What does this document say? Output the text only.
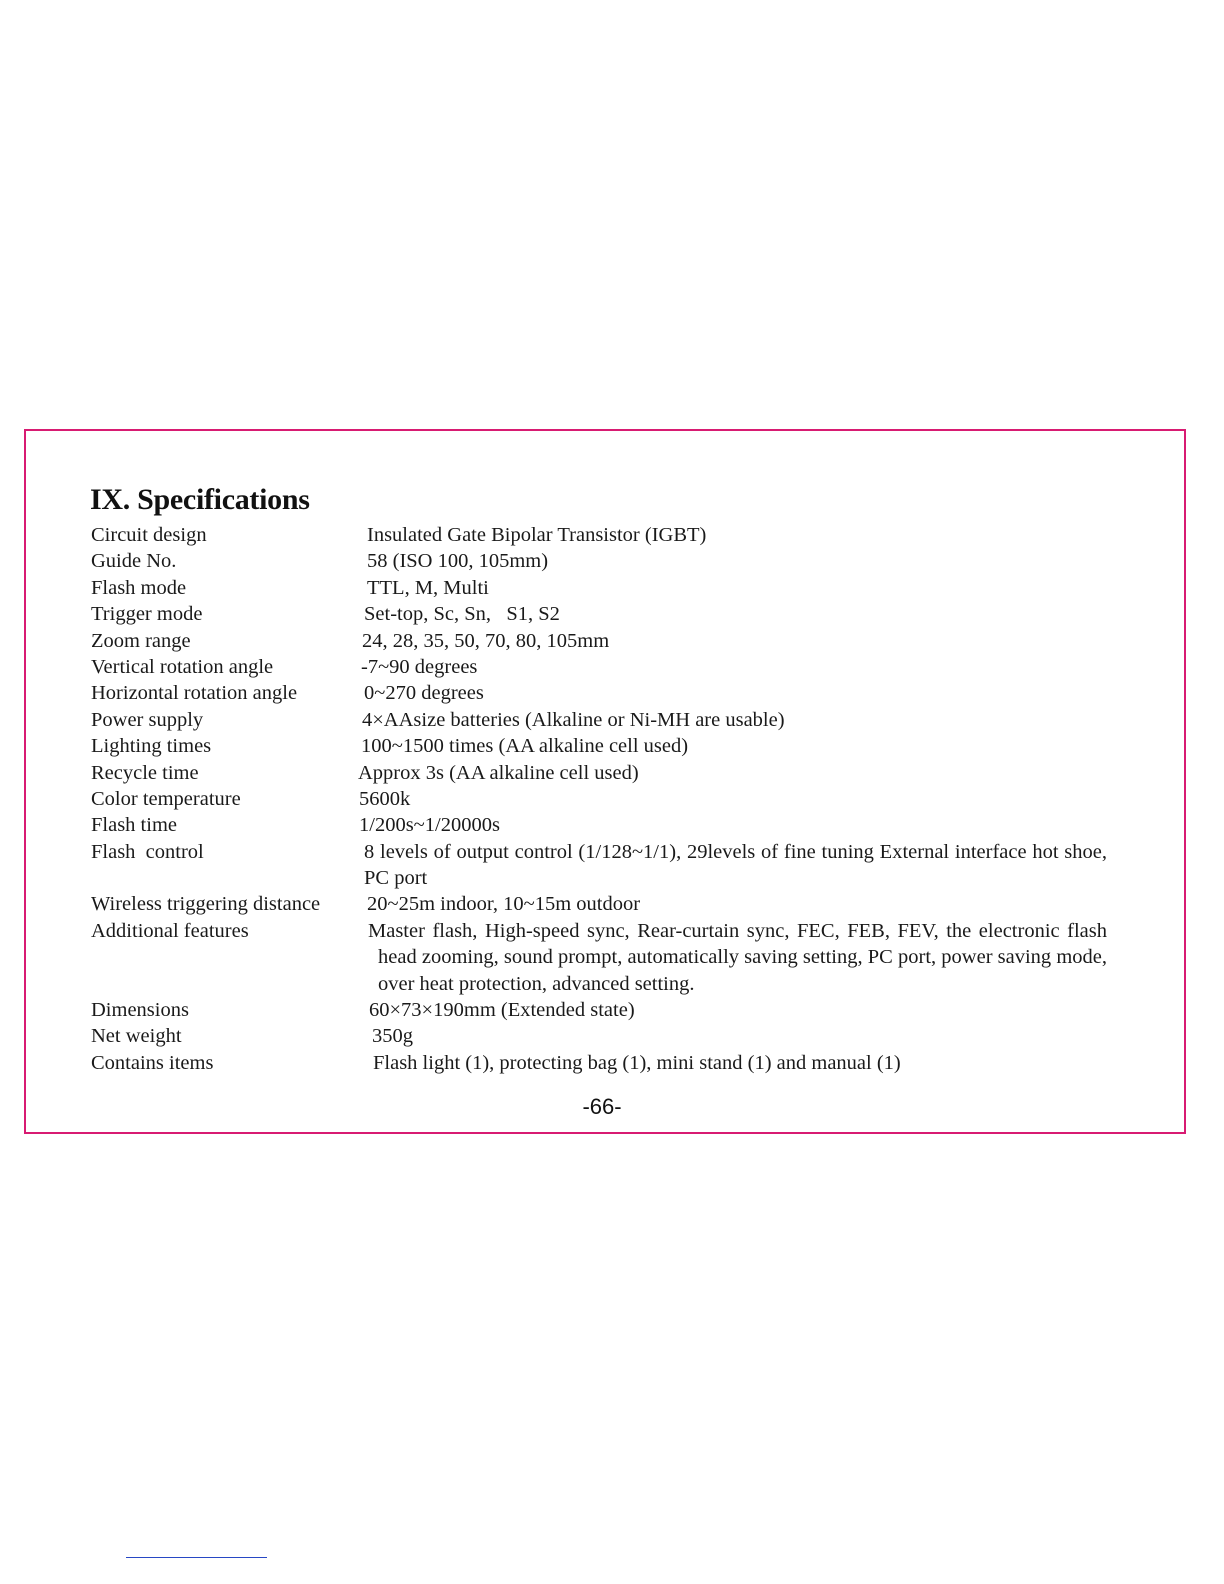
IX. Specifications
Circuit design	Insulated Gate Bipolar Transistor (IGBT)
Guide No.	58 (ISO 100, 105mm)
Flash mode	TTL, M, Multi
Trigger mode	Set-top, Sc, Sn,   S1, S2
Zoom range	24, 28, 35, 50, 70, 80, 105mm
Vertical rotation angle	-7~90 degrees
Horizontal rotation angle	0~270 degrees
Power supply	4×AAsize batteries (Alkaline or Ni-MH are usable)
Lighting times	100~1500 times (AA alkaline cell used)
Recycle time	Approx 3s (AA alkaline cell used)
Color temperature	5600k
Flash time	1/200s~1/20000s
Flash  control	8 levels of output control (1/128~1/1), 29levels of fine tuning External interface hot shoe, PC port
Wireless triggering distance 20~25m indoor, 10~15m outdoor
Additional features	Master flash, High-speed sync, Rear-curtain sync, FEC, FEB, FEV, the electronic flash head zooming, sound prompt, automatically saving setting, PC port, power saving mode, over heat protection, advanced setting.
Dimensions	60×73×190mm (Extended state)
Net weight	350g
Contains items	Flash light (1), protecting bag (1), mini stand (1) and manual (1)
-66-
